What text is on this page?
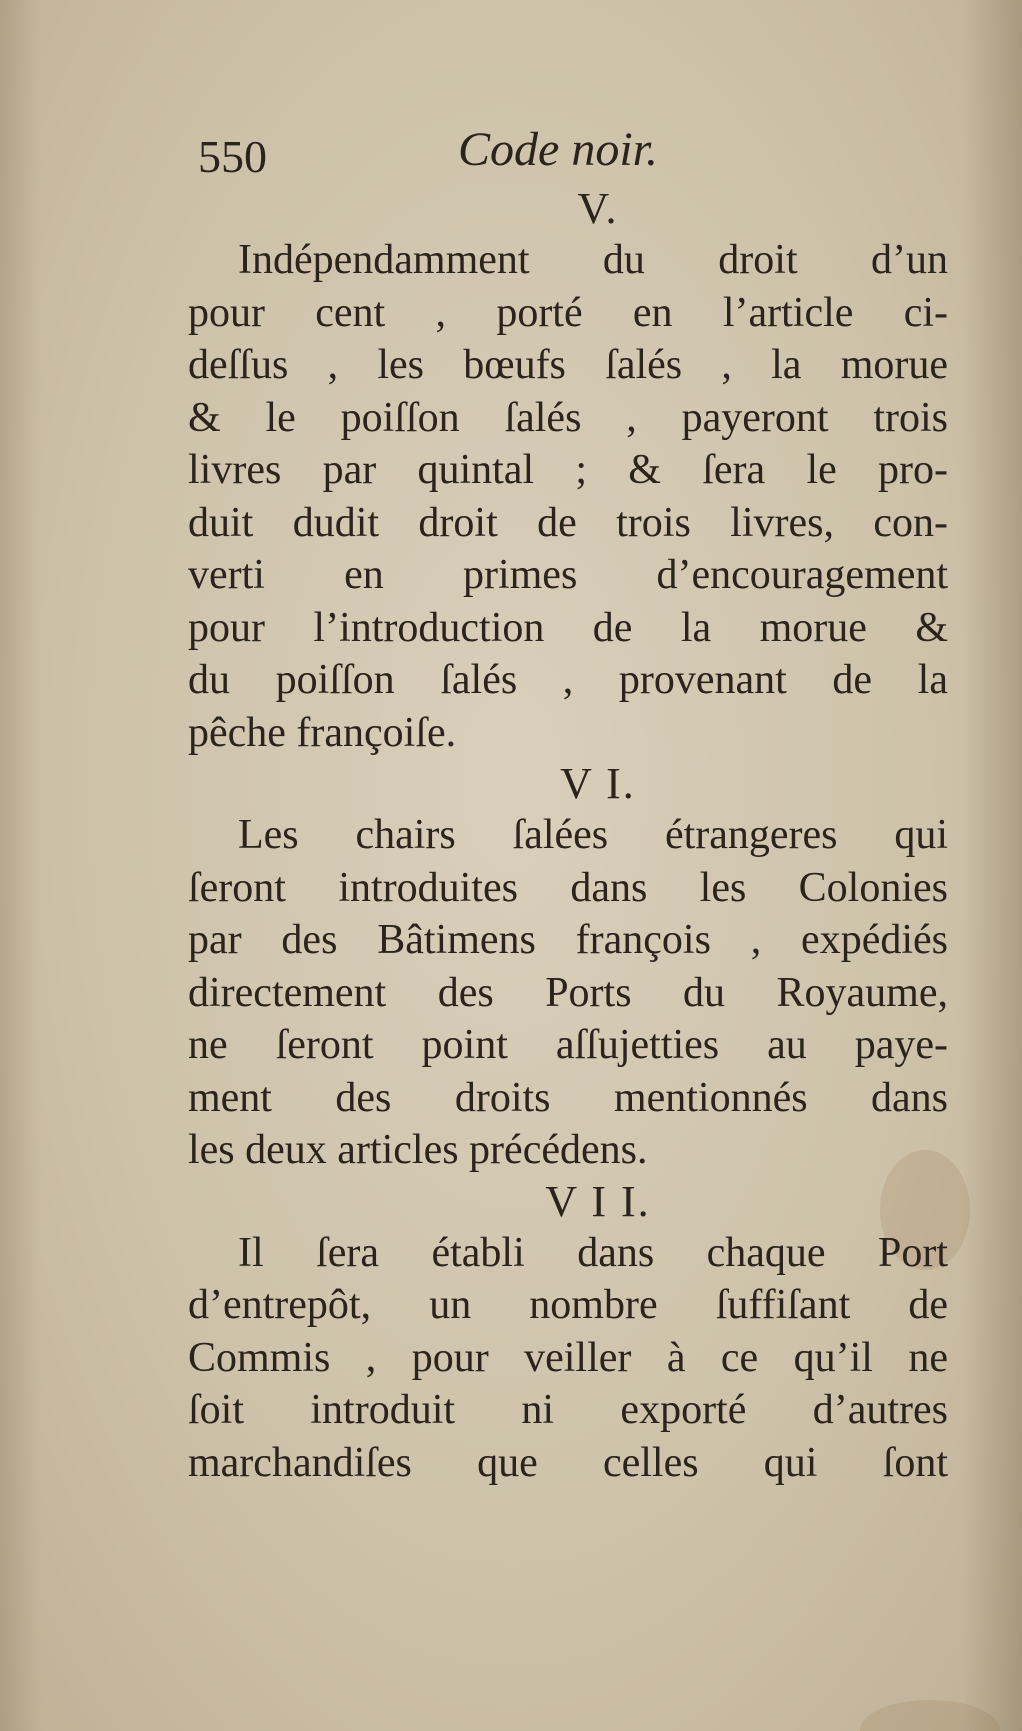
550	Code noir.

V.

Indépendamment du droit d’un

pour cent , porté en l’article ci-

deſſus , les bœufs ſalés , la morue

& le poiſſon ſalés , payeront trois

livres par quintal ; & ſera le pro-

duit dudit droit de trois livres, con-

verti en primes d’encouragement

pour l’introduction de la morue &

du poiſſon ſalés , provenant de la

pêche françoiſe.

V I.

Les chairs ſalées étrangeres qui

ſeront introduites dans les Colonies

par des Bâtimens françois , expédiés

directement des Ports du Royaume,

ne ſeront point aſſujetties au paye-

ment des droits mentionnés dans

les deux articles précédens.

V I I.

Il ſera établi dans chaque Port

d’entrepôt, un nombre ſuffiſant de

Commis , pour veiller à ce qu’il ne

ſoit introduit ni exporté d’autres

marchandiſes que celles qui ſont
